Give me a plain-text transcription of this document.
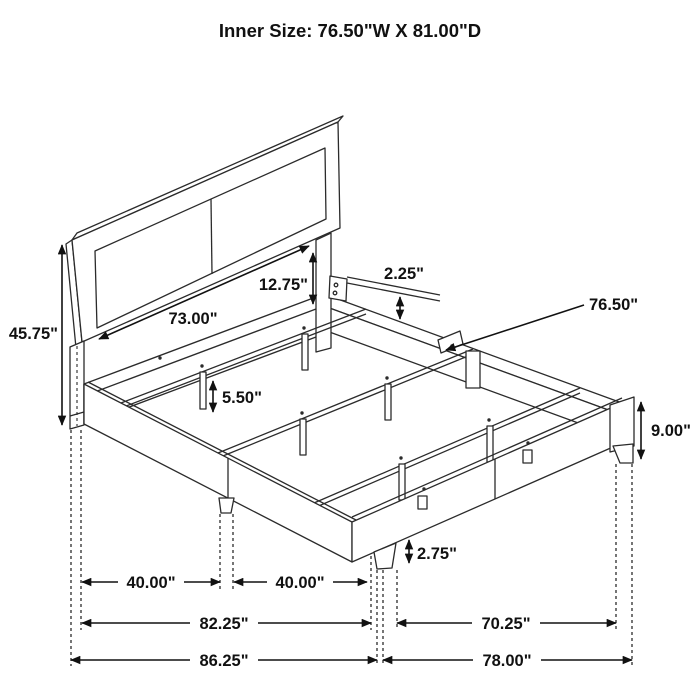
45.75"
73.00"
12.75"
2.25"
76.50"
5.50"
9.00"
2.75"
40.00"	40.00"
82.25"	70.25"
86.25"	78.00"
Inner Size: 76.50"W X 81.00"D
